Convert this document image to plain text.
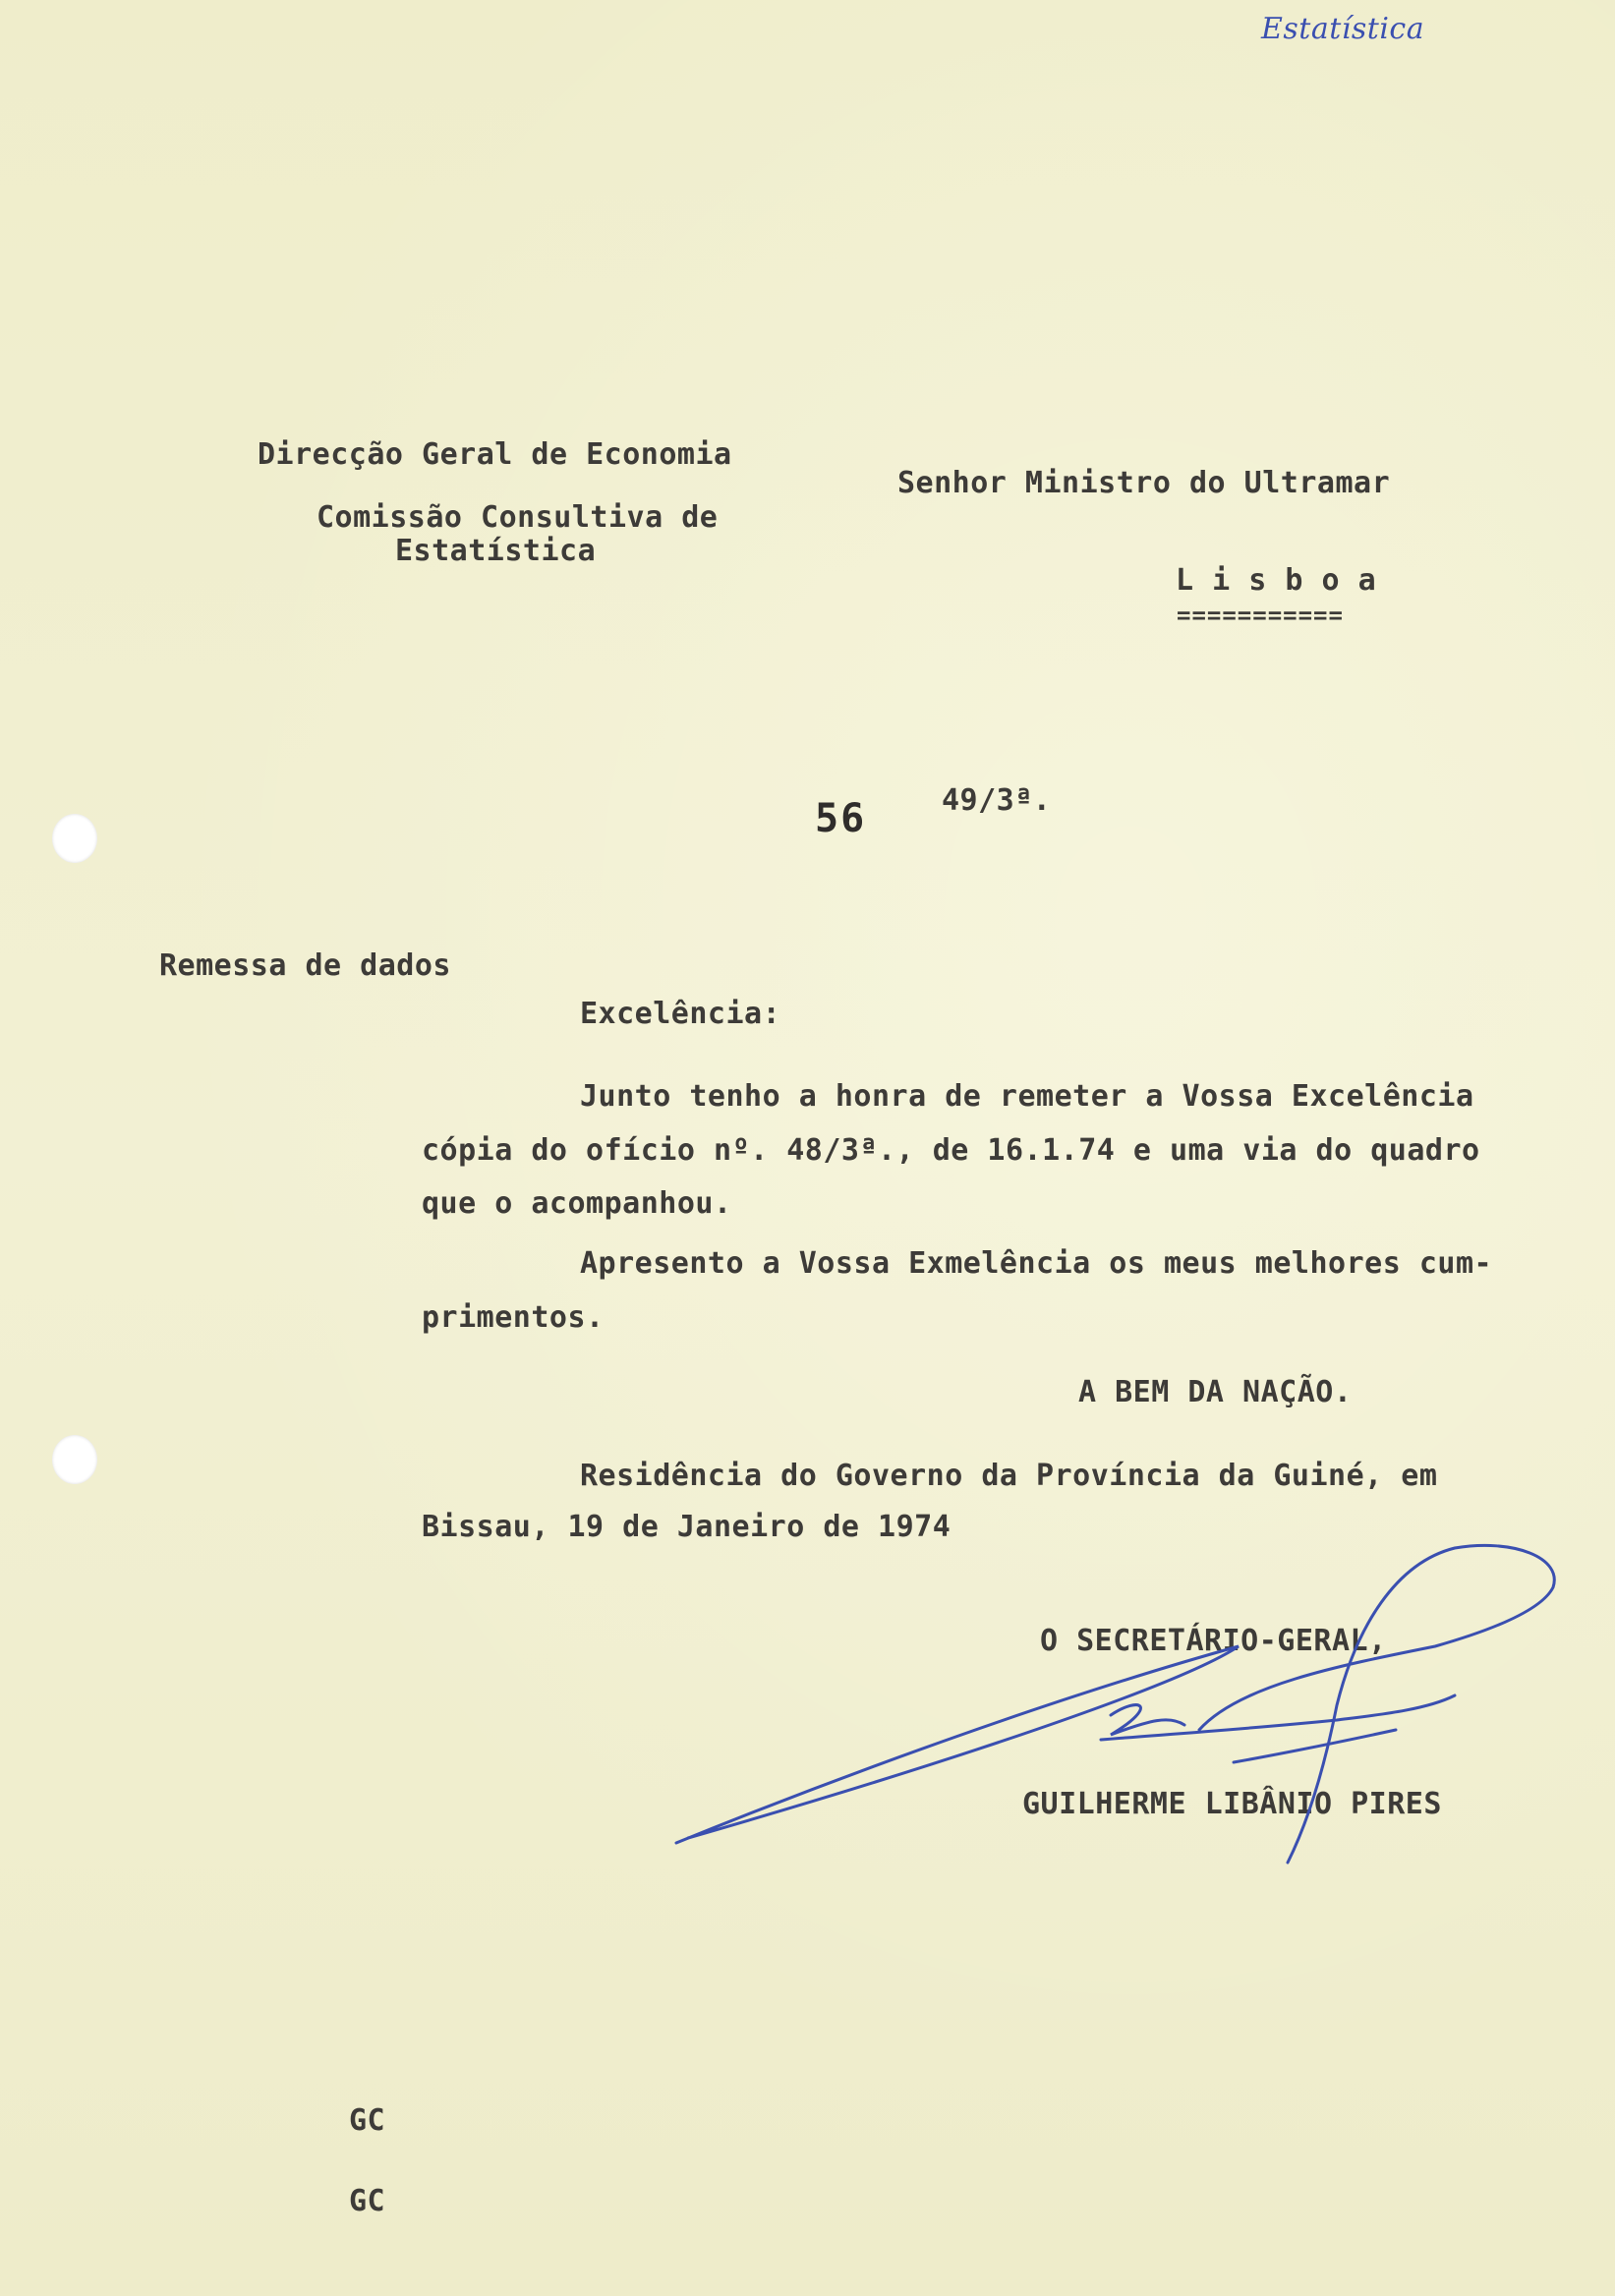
Estatística
Direcção Geral de Economia
Comissão Consultiva de
Estatística
Senhor Ministro do Ultramar
L i s b o a
===========
56	49/3ª.
Remessa de dados
Excelência:
Junto tenho a honra de remeter a Vossa Excelência
cópia do ofício nº. 48/3ª., de 16.1.74 e uma via do quadro
que o acompanhou.
Apresento a Vossa Exmelência os meus melhores cum-
primentos.
A BEM DA NAÇÃO.
Residência do Governo da Província da Guiné, em
Bissau, 19 de Janeiro de 1974
O SECRETÁRIO-GERAL,
GUILHERME LIBÂNIO PIRES
GC
GC
